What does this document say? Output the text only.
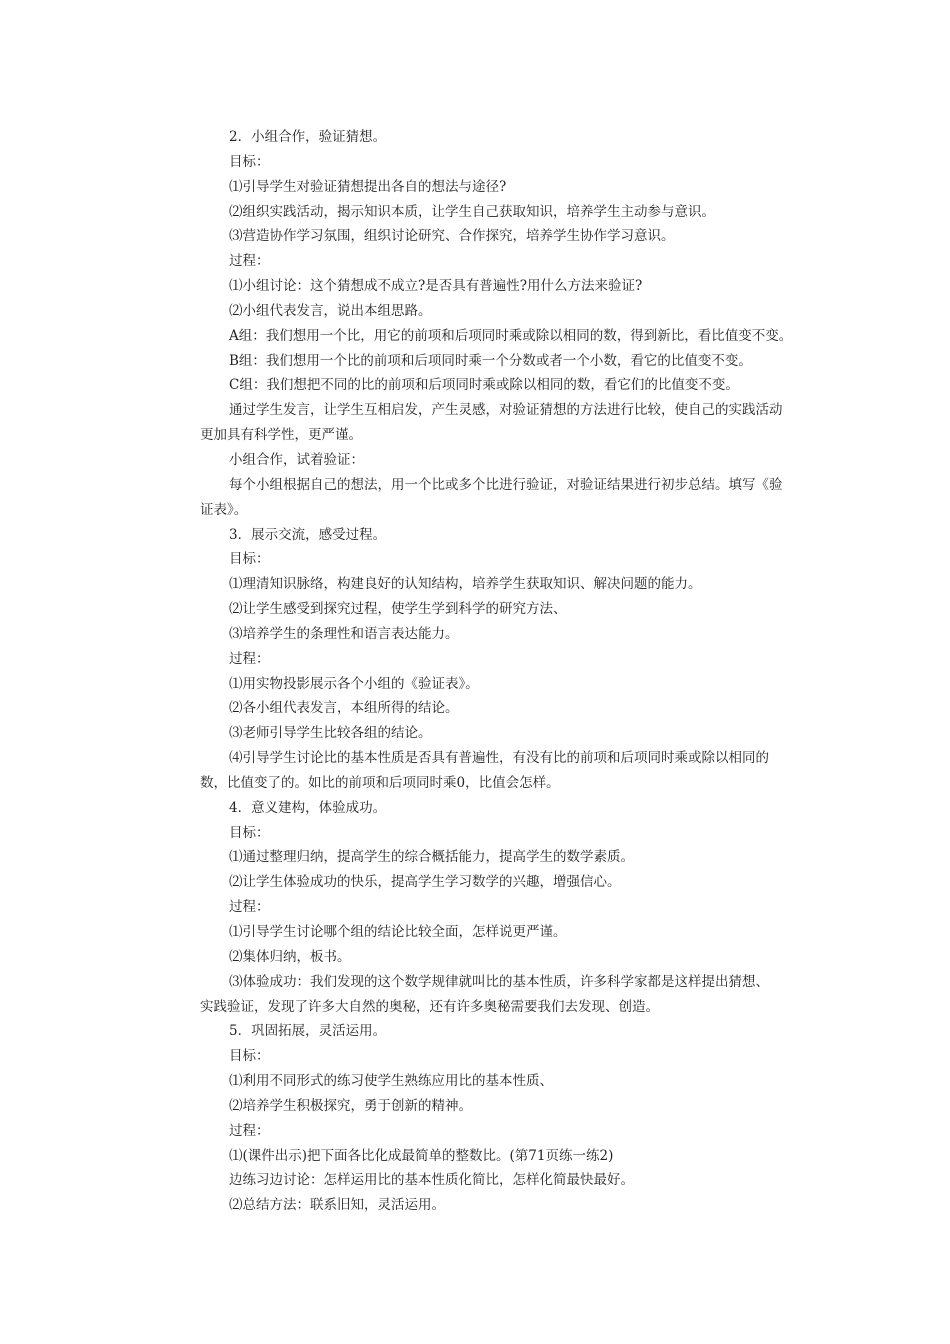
2．小组合作，验证猜想。

目标：

⑴引导学生对验证猜想提出各自的想法与途径?

⑵组织实践活动，揭示知识本质，让学生自己获取知识，培养学生主动参与意识。

⑶营造协作学习氛围，组织讨论研究、合作探究，培养学生协作学习意识。

过程：

⑴小组讨论：这个猜想成不成立?是否具有普遍性?用什么方法来验证?

⑵小组代表发言，说出本组思路。

A组：我们想用一个比，用它的前项和后项同时乘或除以相同的数，得到新比，看比值变不变。

B组：我们想用一个比的前项和后项同时乘一个分数或者一个小数，看它的比值变不变。

C组：我们想把不同的比的前项和后项同时乘或除以相同的数，看它们的比值变不变。

通过学生发言，让学生互相启发，产生灵感，对验证猜想的方法进行比较，使自己的实践活动

更加具有科学性，更严谨。

小组合作，试着验证：

每个小组根据自己的想法，用一个比或多个比进行验证，对验证结果进行初步总结。填写《验

证表》。

3．展示交流，感受过程。

目标：

⑴理清知识脉络，构建良好的认知结构，培养学生获取知识、解决问题的能力。

⑵让学生感受到探究过程，使学生学到科学的研究方法、

⑶培养学生的条理性和语言表达能力。

过程：

⑴用实物投影展示各个小组的《验证表》。

⑵各小组代表发言，本组所得的结论。

⑶老师引导学生比较各组的结论。

⑷引导学生讨论比的基本性质是否具有普遍性，有没有比的前项和后项同时乘或除以相同的

数，比值变了的。如比的前项和后项同时乘0，比值会怎样。

4．意义建构，体验成功。

目标：

⑴通过整理归纳，提高学生的综合概括能力，提高学生的数学素质。

⑵让学生体验成功的快乐，提高学生学习数学的兴趣，增强信心。

过程：

⑴引导学生讨论哪个组的结论比较全面，怎样说更严谨。

⑵集体归纳，板书。

⑶体验成功：我们发现的这个数学规律就叫比的基本性质，许多科学家都是这样提出猜想、

实践验证，发现了许多大自然的奥秘，还有许多奥秘需要我们去发现、创造。

5．巩固拓展，灵活运用。

目标：

⑴利用不同形式的练习使学生熟练应用比的基本性质、

⑵培养学生积极探究，勇于创新的精神。

过程：

⑴(课件出示)把下面各比化成最简单的整数比。(第71页练一练2)

边练习边讨论：怎样运用比的基本性质化简比，怎样化简最快最好。

⑵总结方法：联系旧知，灵活运用。
